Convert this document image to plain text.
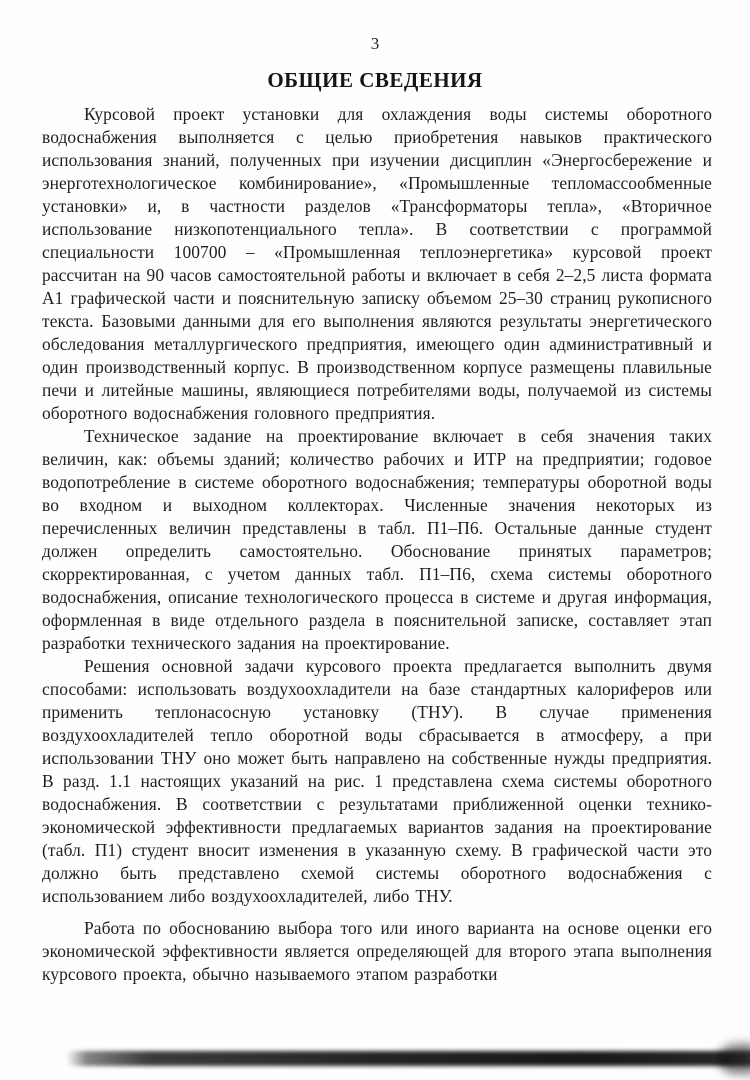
3
ОБЩИЕ СВЕДЕНИЯ

Курсовой проект установки для охлаждения воды системы оборотного водоснабжения выполняется с целью приобретения навыков практического использования знаний, полученных при изучении дисциплин «Энергосбережение и энерготехнологическое комбинирование», «Промышленные тепломассообменные установки» и, в частности разделов «Трансформаторы тепла», «Вторичное использование низкопотенциального тепла». В соответствии с программой специальности 100700 – «Промышленная теплоэнергетика» курсовой проект рассчитан на 90 часов самостоятельной работы и включает в себя 2–2,5 листа формата А1 графической части и пояснительную записку объемом 25–30 страниц рукописного текста. Базовыми данными для его выполнения являются результаты энергетического обследования металлургического предприятия, имеющего один административный и один производственный корпус. В производственном корпусе размещены плавильные печи и литейные машины, являющиеся потребителями воды, получаемой из системы оборотного водоснабжения головного предприятия.

Техническое задание на проектирование включает в себя значения таких величин, как: объемы зданий; количество рабочих и ИТР на предприятии; годовое водопотребление в системе оборотного водоснабжения; температуры оборотной воды во входном и выходном коллекторах. Численные значения некоторых из перечисленных величин представлены в табл. П1–П6. Остальные данные студент должен определить самостоятельно. Обоснование принятых параметров; скорректированная, с учетом данных табл. П1–П6, схема системы оборотного водоснабжения, описание технологического процесса в системе и другая информация, оформленная в виде отдельного раздела в пояснительной записке, составляет этап разработки технического задания на проектирование.

Решения основной задачи курсового проекта предлагается выполнить двумя способами: использовать воздухоохладители на базе стандартных калориферов или применить теплонасосную установку (ТНУ). В случае применения воздухоохладителей тепло оборотной воды сбрасывается в атмосферу, а при использовании ТНУ оно может быть направлено на собственные нужды предприятия. В разд. 1.1 настоящих указаний на рис. 1 представлена схема системы оборотного водоснабжения. В соответствии с результатами приближенной оценки технико-экономической эффективности предлагаемых вариантов задания на проектирование (табл. П1) студент вносит изменения в указанную схему. В графической части это должно быть представлено схемой системы оборотного водоснабжения с использованием либо воздухоохладителей, либо ТНУ.

Работа по обоснованию выбора того или иного варианта на основе оценки его экономической эффективности является определяющей для второго этапа выполнения курсового проекта, обычно называемого этапом разработки
